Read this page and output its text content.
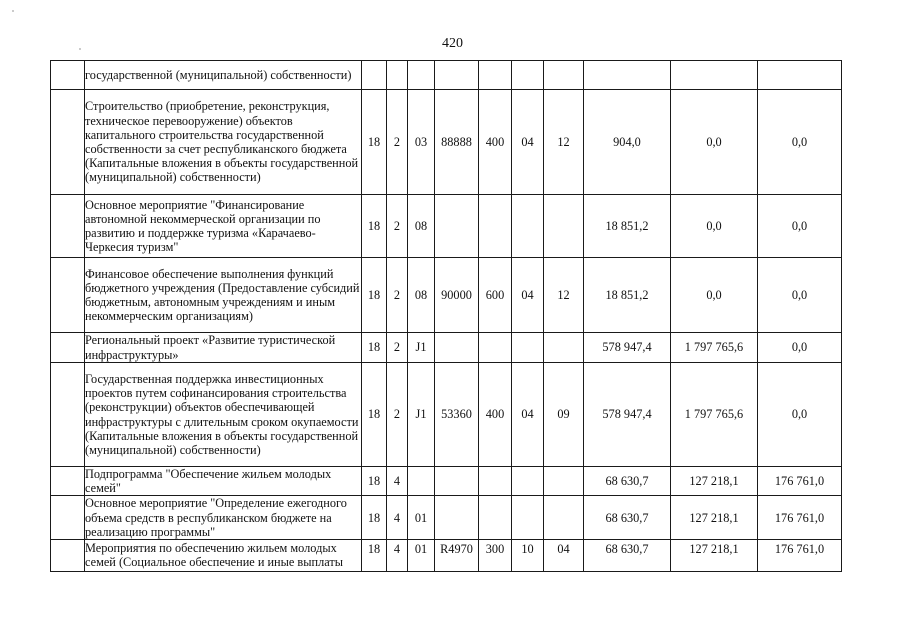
420
	государственной (муниципальной) собственности)										
	Строительство (приобретение, реконструкция, техническое перевооружение) объектов капитального строительства государственной собственности за счет республиканского бюджета (Капитальные вложения в объекты государственной (муниципальной) собственности)	18	2	03	88888	400	04	12	904,0	0,0	0,0
	Основное мероприятие "Финансирование автономной некоммерческой организации по развитию и поддержке туризма «Карачаево-Черкесия туризм"	18	2	08					18 851,2	0,0	0,0
	Финансовое обеспечение выполнения функций бюджетного учреждения (Предоставление субсидий бюджетным, автономным учреждениям и иным некоммерческим организациям)	18	2	08	90000	600	04	12	18 851,2	0,0	0,0
	Региональный проект «Развитие туристической инфраструктуры»	18	2	J1					578 947,4	1 797 765,6	0,0
	Государственная поддержка инвестиционных проектов путем софинансирования строительства (реконструкции) объектов обеспечивающей инфраструктуры с длительным сроком окупаемости (Капитальные вложения в объекты государственной (муниципальной) собственности)	18	2	J1	53360	400	04	09	578 947,4	1 797 765,6	0,0
	Подпрограмма "Обеспечение жильем молодых семей"	18	4						68 630,7	127 218,1	176 761,0
	Основное мероприятие "Определение ежегодного объема средств в республиканском бюджете на реализацию программы"	18	4	01					68 630,7	127 218,1	176 761,0
	Мероприятия по обеспечению жильем молодых семей (Социальное обеспечение и иные выплаты	18	4	01	R4970	300	10	04	68 630,7	127 218,1	176 761,0
